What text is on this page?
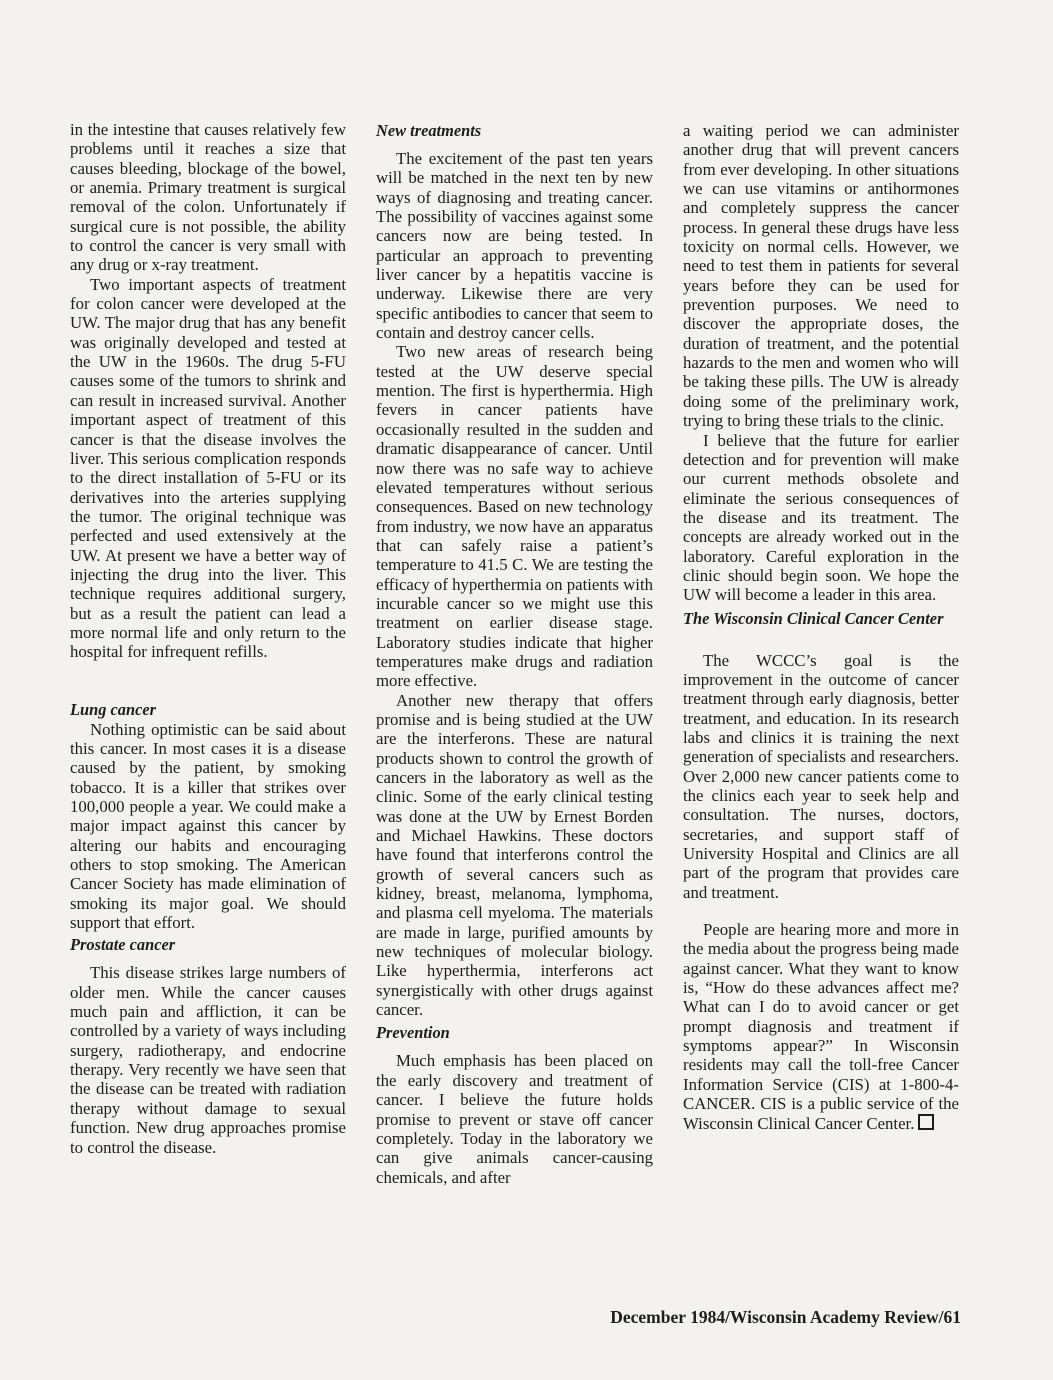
in the intestine that causes relatively few problems until it reaches a size that causes bleeding, blockage of the bowel, or anemia. Primary treatment is surgical removal of the colon. Unfortunately if surgical cure is not possible, the ability to control the cancer is very small with any drug or x-ray treatment.

Two important aspects of treatment for colon cancer were developed at the UW. The major drug that has any benefit was originally developed and tested at the UW in the 1960s. The drug 5-FU causes some of the tumors to shrink and can result in increased survival. Another important aspect of treatment of this cancer is that the disease involves the liver. This serious complication responds to the direct installation of 5-FU or its derivatives into the arteries supplying the tumor. The original technique was perfected and used extensively at the UW. At present we have a better way of injecting the drug into the liver. This technique requires additional surgery, but as a result the patient can lead a more normal life and only return to the hospital for infrequent refills.

Lung cancer

Nothing optimistic can be said about this cancer. In most cases it is a disease caused by the patient, by smoking tobacco. It is a killer that strikes over 100,000 people a year. We could make a major impact against this cancer by altering our habits and encouraging others to stop smoking. The American Cancer Society has made elimination of smoking its major goal. We should support that effort.

Prostate cancer

This disease strikes large numbers of older men. While the cancer causes much pain and affliction, it can be controlled by a variety of ways including surgery, radiotherapy, and endocrine therapy. Very recently we have seen that the disease can be treated with radiation therapy without damage to sexual function. New drug approaches promise to control the disease.

New treatments

The excitement of the past ten years will be matched in the next ten by new ways of diagnosing and treating cancer. The possibility of vaccines against some cancers now are being tested. In particular an approach to preventing liver cancer by a hepatitis vaccine is underway. Likewise there are very specific antibodies to cancer that seem to contain and destroy cancer cells.

Two new areas of research being tested at the UW deserve special mention. The first is hyperthermia. High fevers in cancer patients have occasionally resulted in the sudden and dramatic disappearance of cancer. Until now there was no safe way to achieve elevated temperatures without serious consequences. Based on new technology from industry, we now have an apparatus that can safely raise a patient’s temperature to 41.5 C. We are testing the efficacy of hyperthermia on patients with incurable cancer so we might use this treatment on earlier disease stage. Laboratory studies indicate that higher temperatures make drugs and radiation more effective.

Another new therapy that offers promise and is being studied at the UW are the interferons. These are natural products shown to control the growth of cancers in the laboratory as well as the clinic. Some of the early clinical testing was done at the UW by Ernest Borden and Michael Hawkins. These doctors have found that interferons control the growth of several cancers such as kidney, breast, melanoma, lymphoma, and plasma cell myeloma. The materials are made in large, purified amounts by new techniques of molecular biology. Like hyperthermia, interferons act synergistically with other drugs against cancer.

Prevention

Much emphasis has been placed on the early discovery and treatment of cancer. I believe the future holds promise to prevent or stave off cancer completely. Today in the laboratory we can give animals cancer-causing chemicals, and after

a waiting period we can administer another drug that will prevent cancers from ever developing. In other situations we can use vitamins or antihormones and completely suppress the cancer process. In general these drugs have less toxicity on normal cells. However, we need to test them in patients for several years before they can be used for prevention purposes. We need to discover the appropriate doses, the duration of treatment, and the potential hazards to the men and women who will be taking these pills. The UW is already doing some of the preliminary work, trying to bring these trials to the clinic.

I believe that the future for earlier detection and for prevention will make our current methods obsolete and eliminate the serious consequences of the disease and its treatment. The concepts are already worked out in the laboratory. Careful exploration in the clinic should begin soon. We hope the UW will become a leader in this area.

The Wisconsin Clinical Cancer Center

The WCCC’s goal is the improvement in the outcome of cancer treatment through early diagnosis, better treatment, and education. In its research labs and clinics it is training the next generation of specialists and researchers. Over 2,000 new cancer patients come to the clinics each year to seek help and consultation. The nurses, doctors, secretaries, and support staff of University Hospital and Clinics are all part of the program that provides care and treatment.

People are hearing more and more in the media about the progress being made against cancer. What they want to know is, “How do these advances affect me? What can I do to avoid cancer or get prompt diagnosis and treatment if symptoms appear?” In Wisconsin residents may call the toll-free Cancer Information Service (CIS) at 1-800-4-CANCER. CIS is a public service of the Wisconsin Clinical Cancer Center.

December 1984/Wisconsin Academy Review/61
